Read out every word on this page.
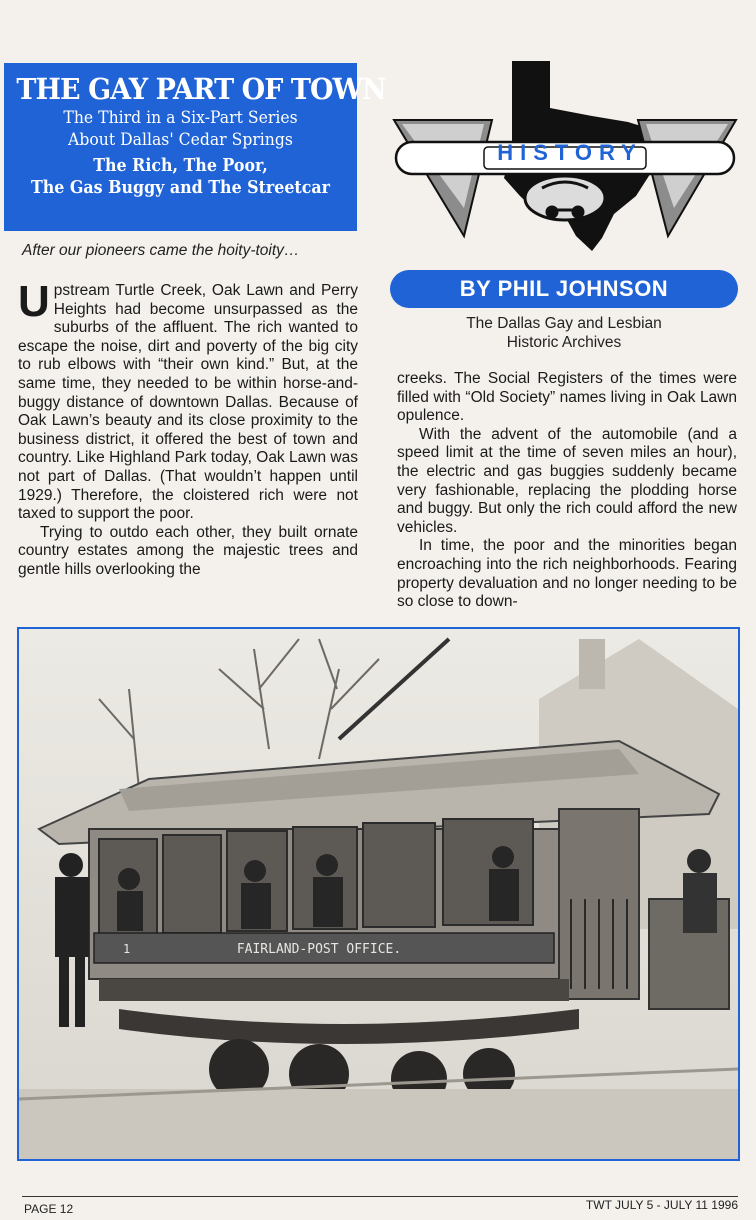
THE GAY PART OF TOWN
The Third in a Six-Part Series
About Dallas' Cedar Springs
The Rich, The Poor,
The Gas Buggy and The Streetcar
After our pioneers came the hoity-toity…

Upstream Turtle Creek, Oak Lawn and Perry Heights had become unsurpassed as the suburbs of the affluent. The rich wanted to escape the noise, dirt and poverty of the big city to rub elbows with “their own kind.” But, at the same time, they needed to be within horse-and-buggy distance of downtown Dallas. Because of Oak Lawn’s beauty and its close proximity to the business district, it offered the best of town and country. Like Highland Park today, Oak Lawn was not part of Dallas. (That wouldn’t happen until 1929.) Therefore, the cloistered rich were not taxed to support the poor.

Trying to outdo each other, they built ornate country estates among the majestic trees and gentle hills overlooking the

HISTORY
BY PHIL JOHNSON
The Dallas Gay and Lesbian
Historic Archives

creeks. The Social Registers of the times were filled with “Old Society” names living in Oak Lawn opulence.

With the advent of the automobile (and a speed limit at the time of seven miles an hour), the electric and gas buggies suddenly became very fashionable, replacing the plodding horse and buggy. But only the rich could afford the new vehicles.

In time, the poor and the minorities began encroaching into the rich neighborhoods. Fearing property devaluation and no longer needing to be so close to down-

FAIRLAND-POST OFFICE.
1
PAGE 12	TWT JULY 5 - JULY 11 1996
